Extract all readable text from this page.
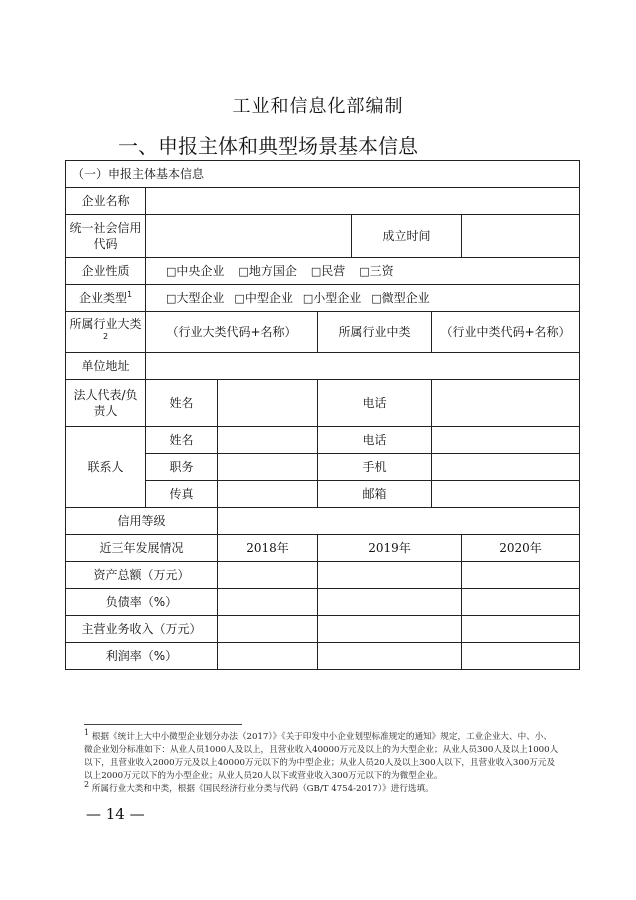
工业和信息化部编制
一、申报主体和典型场景基本信息
（一）申报主体基本信息						
企业名称						
统一社会信用代码				成立时间		
企业性质	□中央企业 □地方国企 □民营 □三资					

企业类型$^1$	□大型企业 □中型企业 □小型企业 □微型企业					

所属行业大类$^2$	（行业大类代码+名称）		所属行业中类		（行业中类代码+名称）	
单位地址						
法人代表/负责人	姓名		电话			
联系人	姓名		电话			
	职务		手机			
	传真		邮箱			
信用等级						
近三年发展情况		2018年	2019年			2020年
资产总额（万元）						
负债率（%）						
主营业务收入（万元）						
利润率（%）						

$^1$ 根据《统计上大中小微型企业划分办法（2017）》《关于印发中小企业划型标准规定的通知》规定，工业企业大、中、小、微企业划分标准如下：从业人员1000人及以上，且营业收入40000万元及以上的为大型企业；从业人员300人及以上1000人以下，且营业收入2000万元及以上40000万元以下的为中型企业；从业人员20人及以上300人以下，且营业收入300万元及以上2000万元以下的为小型企业；从业人员20人以下或营业收入300万元以下的为微型企业。

$^2$ 所属行业大类和中类，根据《国民经济行业分类与代码（GB/T 4754-2017）》进行选填。

— 14 —
